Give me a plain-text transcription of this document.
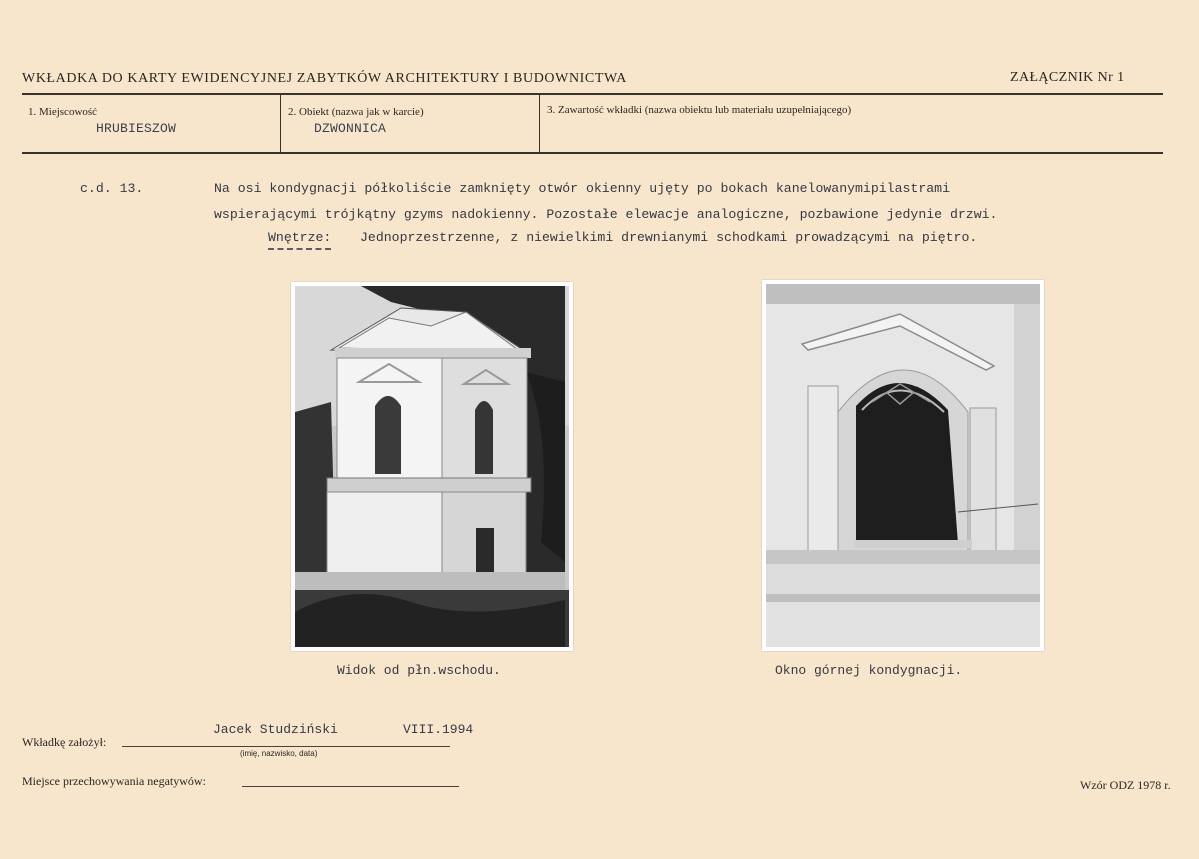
WKŁADKA DO KARTY EWIDENCYJNEJ ZABYTKÓW ARCHITEKTURY I BUDOWNICTWA	ZAŁĄCZNIK Nr 1
1. Miejscowość
HRUBIESZOW
2. Obiekt (nazwa jak w karcie)
DZWONNICA
3. Zawartość wkładki (nazwa obiektu lub materiału uzupełniającego)
c.d. 13.	Na osi kondygnacji półkoliście zamknięty otwór okienny ujęty po bokach kanelowanymipilastrami
wspierającymi trójkątny gzyms nadokienny. Pozostałe elewacje analogiczne, pozbawione jedynie drzwi.
Wnętrze: Jednoprzestrzenne, z niewielkimi drewnianymi schodkami prowadzącymi na piętro.
Widok od płn.wschodu.	Okno górnej kondygnacji.
Wkładkę założył:
Jacek Studziński	VIII.1994
(imię, nazwisko, data)
Miejsce przechowywania negatywów:	Wzór ODZ 1978 r.
